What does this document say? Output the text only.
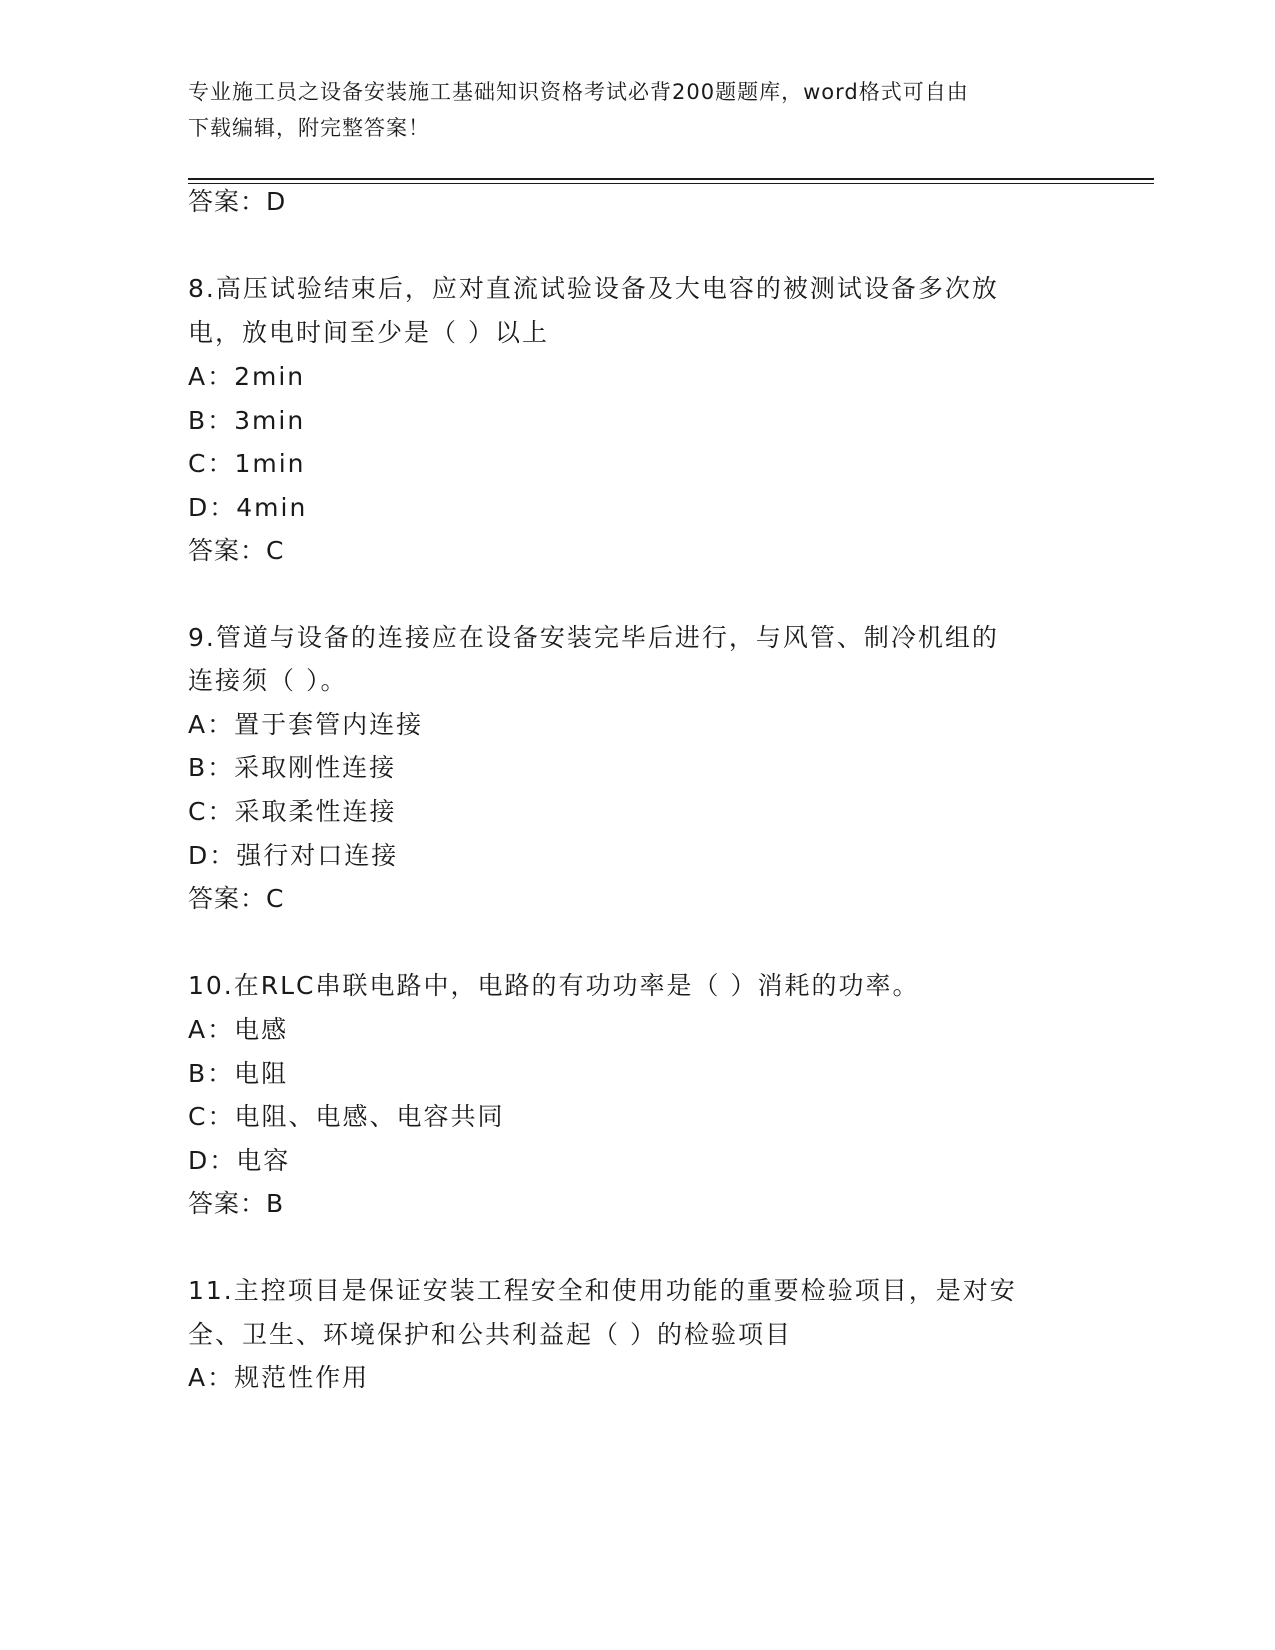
专业施工员之设备安装施工基础知识资格考试必背200题题库，word格式可自由
下载编辑，附完整答案！
答案：D
8.高压试验结束后，应对直流试验设备及大电容的被测试设备多次放
电，放电时间至少是（ ）以上
A：2min
B：3min
C：1min
D：4min
答案：C
9.管道与设备的连接应在设备安装完毕后进行，与风管、制冷机组的
连接须（ ）。
A：置于套管内连接
B：采取刚性连接
C：采取柔性连接
D：强行对口连接
答案：C
10.在RLC串联电路中，电路的有功功率是（ ）消耗的功率。
A：电感
B：电阻
C：电阻、电感、电容共同
D：电容
答案：B
11.主控项目是保证安装工程安全和使用功能的重要检验项目，是对安
全、卫生、环境保护和公共利益起（ ）的检验项目
A：规范性作用
